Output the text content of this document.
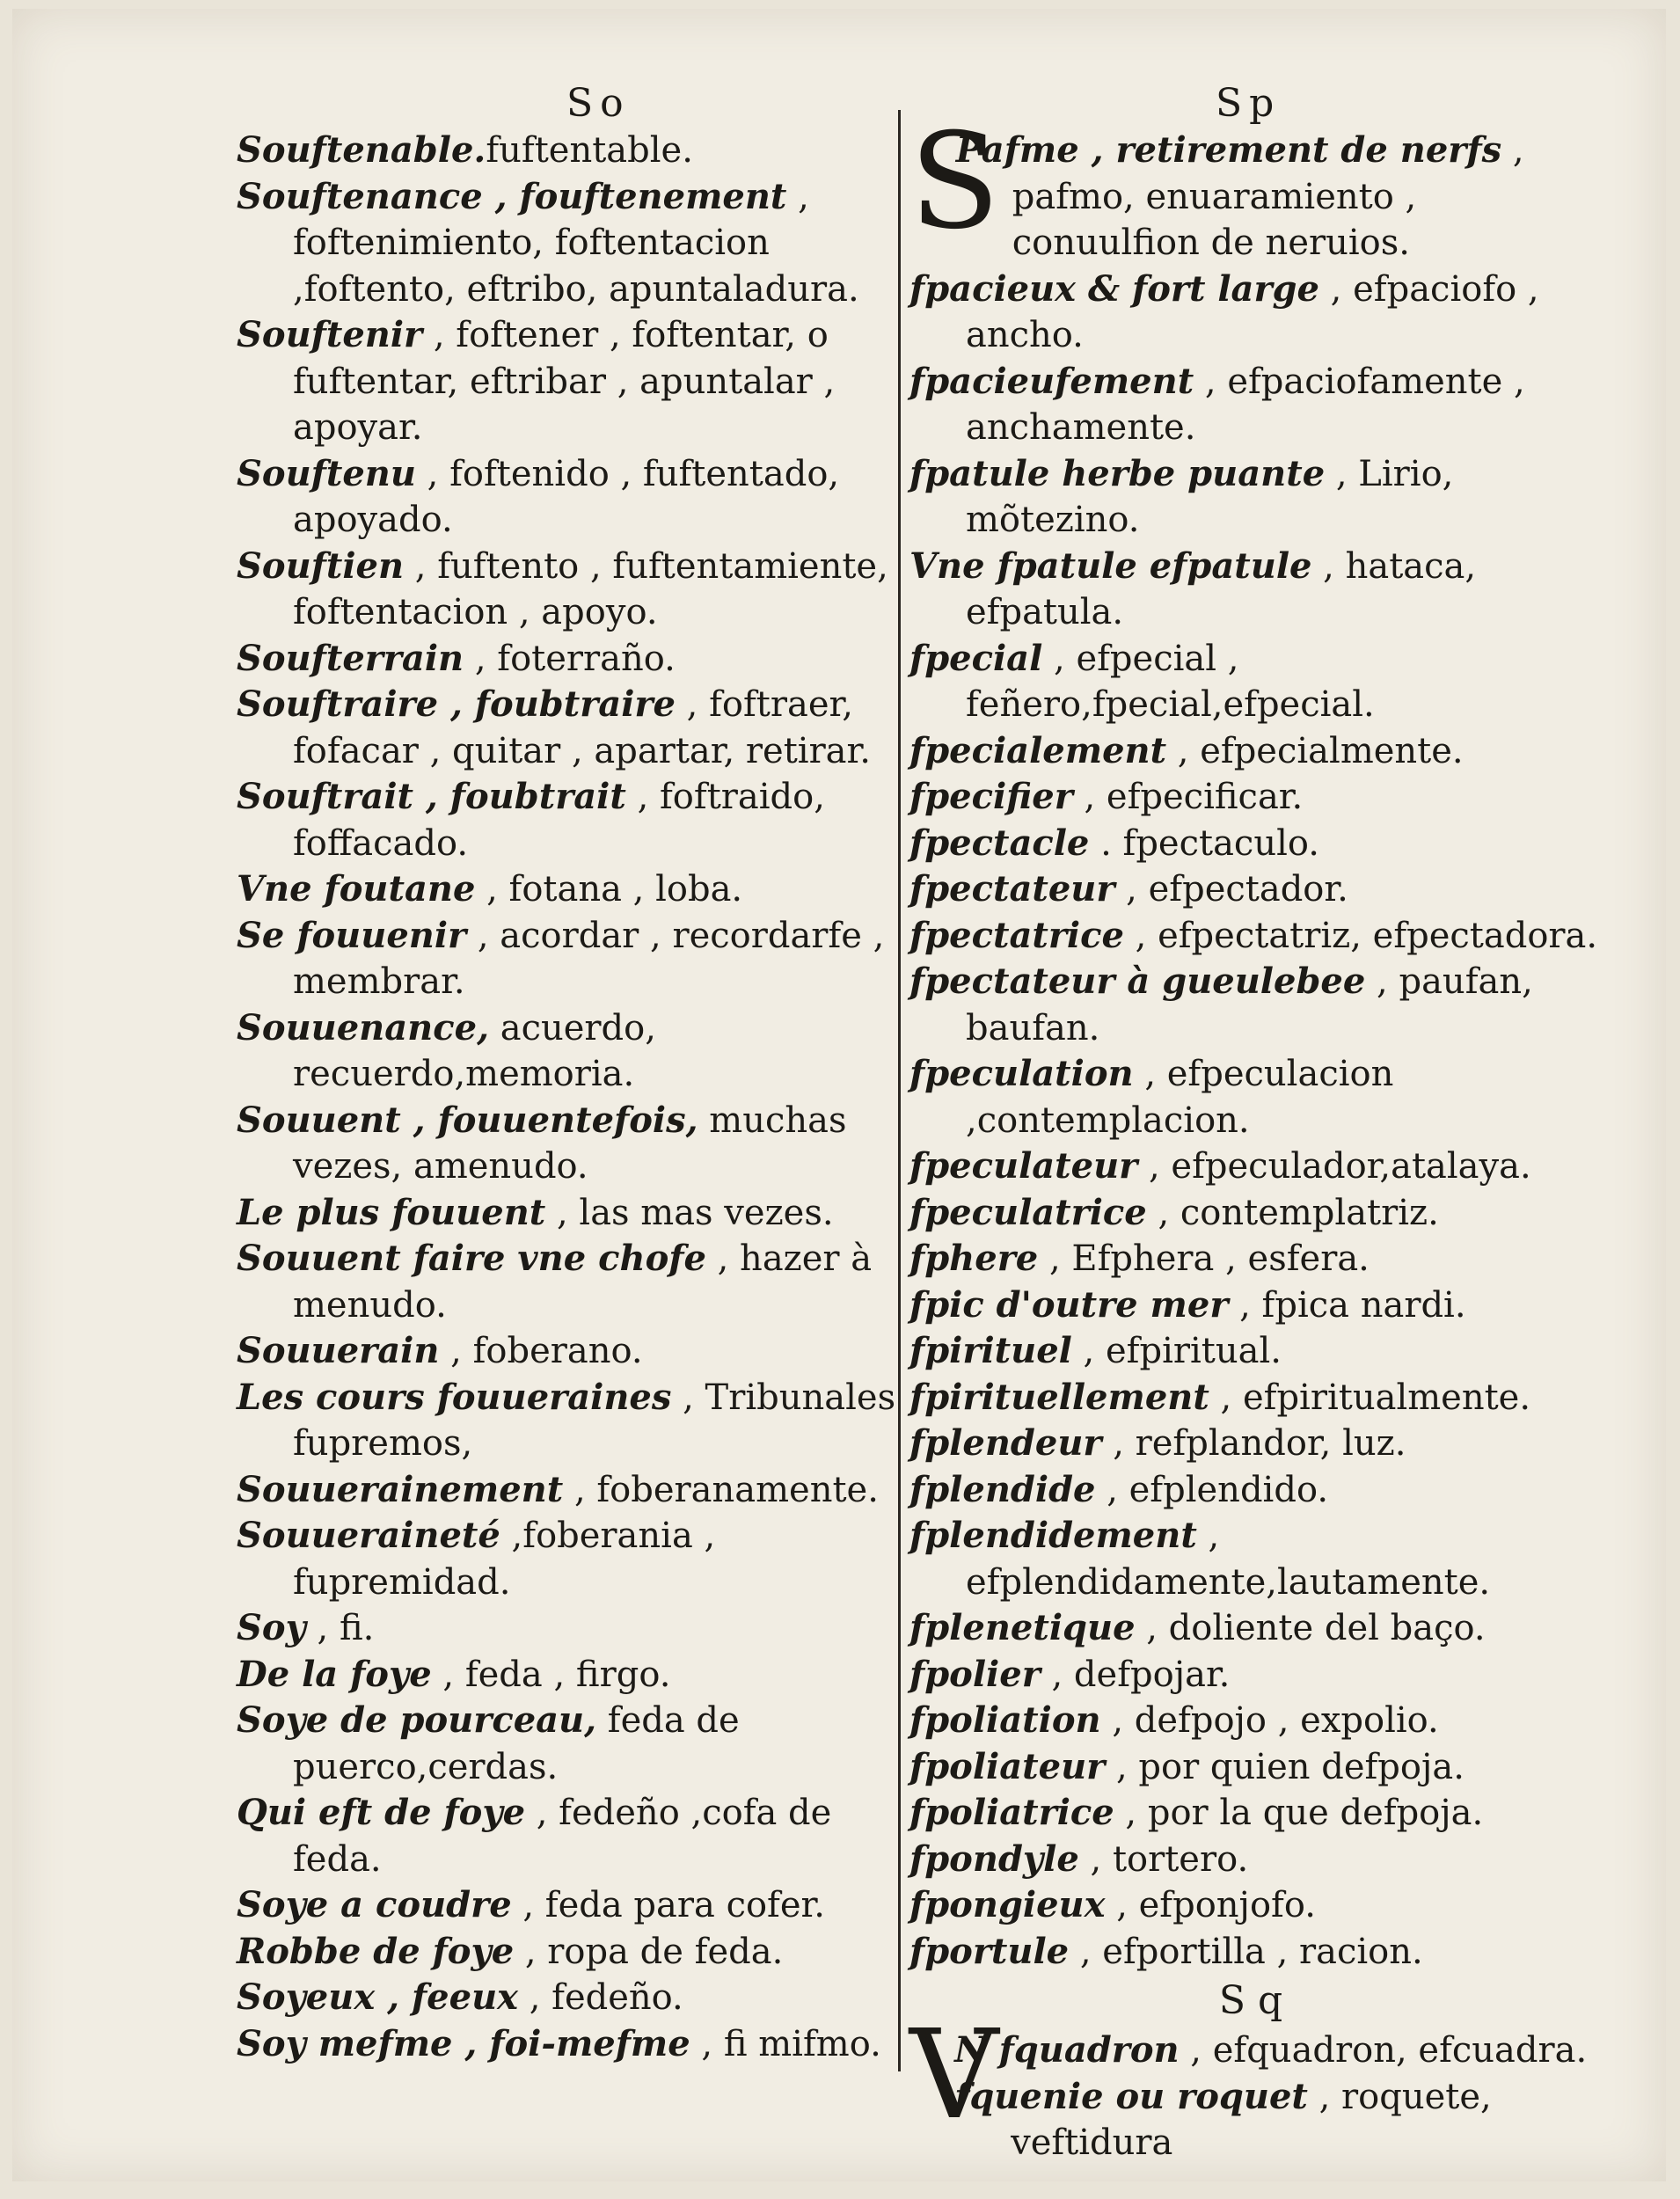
So
Souftenable.fuftentable.
Souftenance , fouftenement , foftenimiento, foftentacion ,foftento, eftribo, apuntaladura.
Souftenir , foftener , foftentar, o fuftentar, eftribar , apuntalar , apoyar.
Souftenu , foftenido , fuftentado, apoyado.
Souftien , fuftento , fuftentamiente, foftentacion , apoyo.
Soufterrain , foterraño.
Souftraire , foubtraire , foftraer, fofacar , quitar , apartar, retirar.
Souftrait , foubtrait , foftraido, foffacado.
Vne foutane , fotana , loba.
Se fouuenir , acordar , recordarfe , membrar.
Souuenance, acuerdo, recuerdo,memoria.
Souuent , fouuentefois, muchas vezes, amenudo.
Le plus fouuent , las mas vezes.
Souuent faire vne chofe , hazer à menudo.
Souuerain , foberano.
Les cours fouueraines , Tribunales fupremos,
Souuerainement , foberanamente.
Souueraineté ,foberania , fupremidad.
Soy , fi.
De la foye , feda , firgo.
Soye de pourceau, feda de puerco,cerdas.
Qui eft de foye , fedeño ,cofa de feda.
Soye a coudre , feda para cofer.
Robbe de foye , ropa de feda.
Soyeux , feeux , fedeño.
Soy mefme , foi-mefme , fi mifmo.
Sp
S
Pafme , retirement de nerfs , pafmo, enuaramiento , conuulfion de neruios.
fpacieux & fort large , efpaciofo , ancho.
fpacieufement , efpaciofamente , anchamente.
fpatule herbe puante , Lirio, mõtezino.
Vne fpatule efpatule , hataca, efpatula.
fpecial , efpecial , feñero,fpecial,efpecial.
fpecialement , efpecialmente.
fpecifier , efpecificar.
fpectacle . fpectaculo.
fpectateur , efpectador.
fpectatrice , efpectatriz, efpectadora.
fpectateur à gueulebee , paufan, baufan.
fpeculation , efpeculacion ,contemplacion.
fpeculateur , efpeculador,atalaya.
fpeculatrice , contemplatriz.
fphere , Efphera , esfera.
fpic d'outre mer , fpica nardi.
fpirituel , efpiritual.
fpirituellement , efpiritualmente.
fplendeur , refplandor, luz.
fplendide , efplendido.
fplendidement , efplendidamente,lautamente.
fplenetique , doliente del baço.
fpolier , defpojar.
fpoliation , defpojo , expolio.
fpoliateur , por quien defpoja.
fpoliatrice , por la que defpoja.
fpondyle , tortero.
fpongieux , efponjofo.
fportule , efportilla , racion.
Sq
V
N fquadron , efquadron, efcuadra.
fquenie ou roquet , roquete, veftidura
